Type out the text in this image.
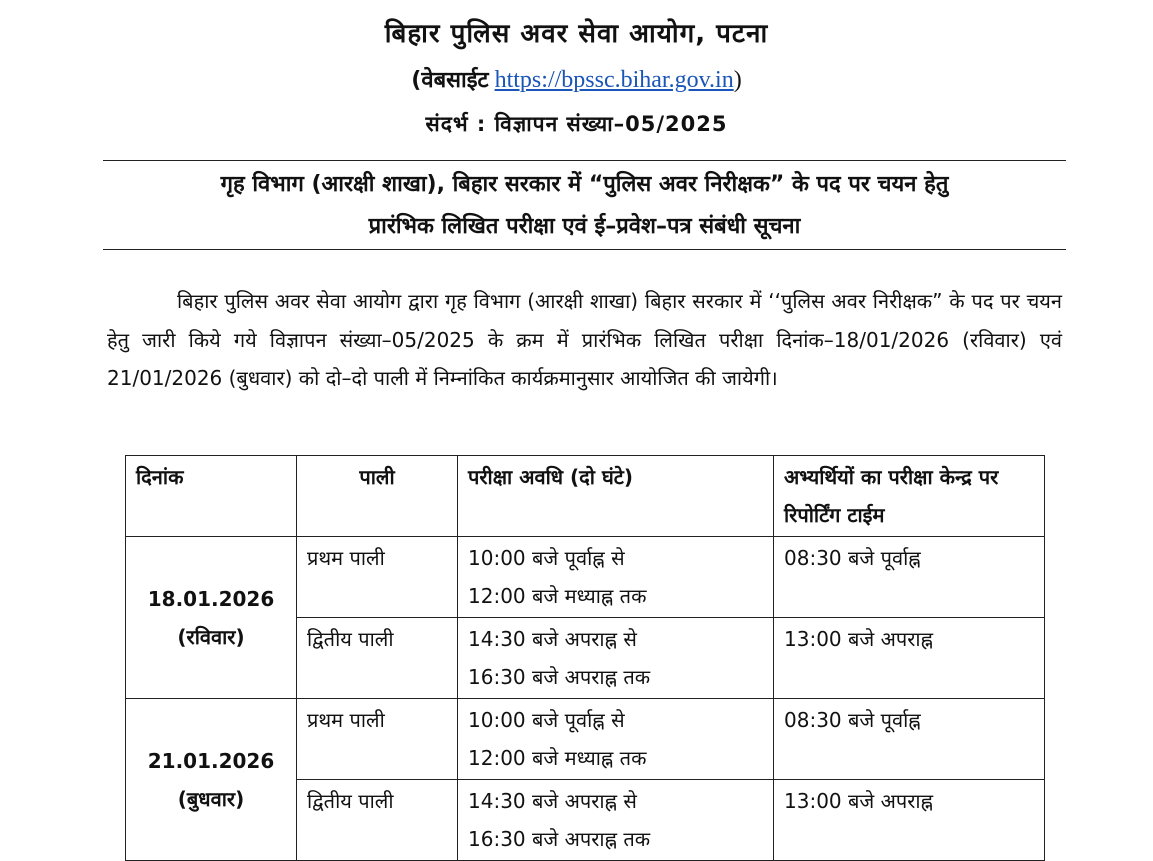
बिहार पुलिस अवर सेवा आयोग, पटना
(वेबसाईट https://bpssc.bihar.gov.in)
संदर्भ : विज्ञापन संख्या–05/2025
गृह विभाग (आरक्षी शाखा), बिहार सरकार में “पुलिस अवर निरीक्षक” के पद पर चयन हेतु
प्रारंभिक लिखित परीक्षा एवं ई–प्रवेश–पत्र संबंधी सूचना
बिहार पुलिस अवर सेवा आयोग द्वारा गृह विभाग (आरक्षी शाखा) बिहार सरकार में ‘‘पुलिस अवर निरीक्षक” के पद पर चयन हेतु जारी किये गये विज्ञापन संख्या–05/2025 के क्रम में प्रारंभिक लिखित परीक्षा दिनांक–18/01/2026 (रविवार) एवं 21/01/2026 (बुधवार) को दो–दो पाली में निम्नांकित कार्यक्रमानुसार आयोजित की जायेगी।
दिनांक	पाली	परीक्षा अवधि (दो घंटे)	अभ्यर्थियों का परीक्षा केन्द्र पर रिपोर्टिंग टाईम

18.01.2026
(रविवार)
	प्रथम पाली	10:00 बजे पूर्वाह्न से
12:00 बजे मध्याह्न तक
	08:30 बजे पूर्वाह्न
	द्वितीय पाली	14:30 बजे अपराह्न से
16:30 बजे अपराह्न तक	13:00 बजे अपराह्न

21.01.2026
(बुधवार)
	प्रथम पाली	10:00 बजे पूर्वाह्न से
12:00 बजे मध्याह्न तक
	08:30 बजे पूर्वाह्न
	द्वितीय पाली	14:30 बजे अपराह्न से
16:30 बजे अपराह्न तक	13:00 बजे अपराह्न
